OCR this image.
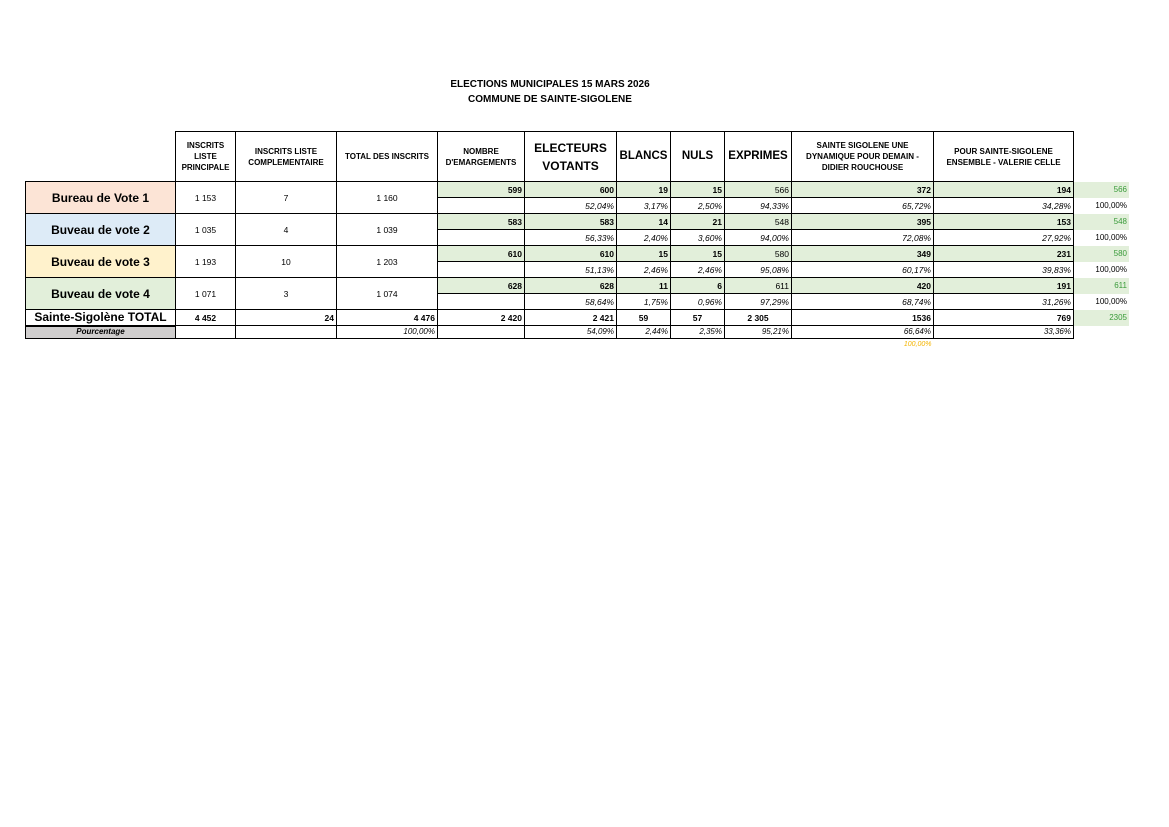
ELECTIONS MUNICIPALES 15 MARS 2026
COMMUNE DE SAINTE-SIGOLENE
	INSCRITS LISTE PRINCIPALE	INSCRITS LISTE COMPLEMENTAIRE	TOTAL DES INSCRITS	NOMBRE D'EMARGEMENTS	ELECTEURS VOTANTS	BLANCS	NULS	EXPRIMES	SAINTE SIGOLENE UNE DYNAMIQUE POUR DEMAIN - DIDIER ROUCHOUSE	POUR SAINTE-SIGOLENE ENSEMBLE - VALERIE CELLE	
Bureau de Vote 1	1 153	7	1 160	599	600	19	15	566	372	194	566
					52,04%	3,17%	2,50%	94,33%	65,72%	34,28%	100,00%
Buveau de vote 2	1 035	4	1 039	583	583	14	21	548	395	153	548
					56,33%	2,40%	3,60%	94,00%	72,08%	27,92%	100,00%
Buveau de vote 3	1 193	10	1 203	610	610	15	15	580	349	231	580
					51,13%	2,46%	2,46%	95,08%	60,17%	39,83%	100,00%
Buveau de vote 4	1 071	3	1 074	628	628	11	6	611	420	191	611
					58,64%	1,75%	0,96%	97,29%	68,74%	31,26%	100,00%
Sainte-Sigolène TOTAL	4 452	24	4 476	2 420	2 421	59	57	2 305	1536	769	2305
Pourcentage			100,00%		54,09%	2,44%	2,35%	95,21%	66,64%	33,36%	
									100,00%		
